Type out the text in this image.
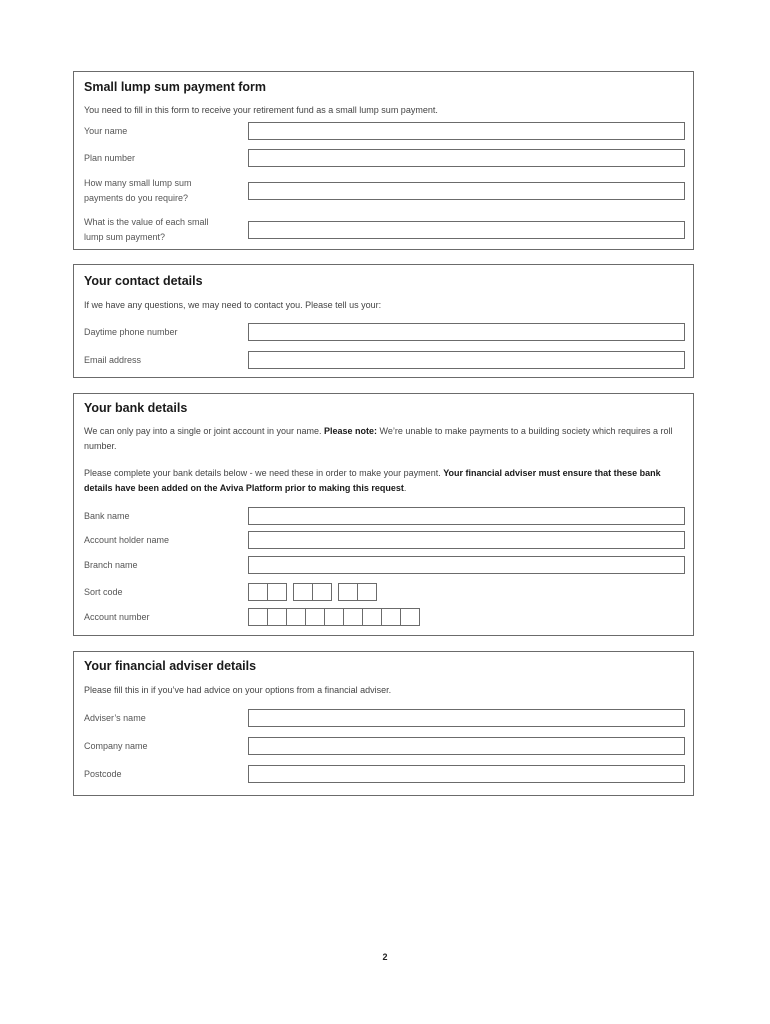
Small lump sum payment form

You need to fill in this form to receive your retirement fund as a small lump sum payment.

Your name
Plan number
How many small lump sum
payments do you require?
What is the value of each small
lump sum payment?
Your contact details

If we have any questions, we may need to contact you. Please tell us your:

Daytime phone number
Email address
Your bank details

We can only pay into a single or joint account in your name. Please note: We’re unable to make payments to a building society which requires a roll number.

Please complete your bank details below - we need these in order to make your payment. Your financial adviser must ensure that these bank details have been added on the Aviva Platform prior to making this request.

Bank name
Account holder name
Branch name
Sort code
Account number
Your financial adviser details

Please fill this in if you’ve had advice on your options from a financial adviser.

Adviser’s name
Company name
Postcode
2
